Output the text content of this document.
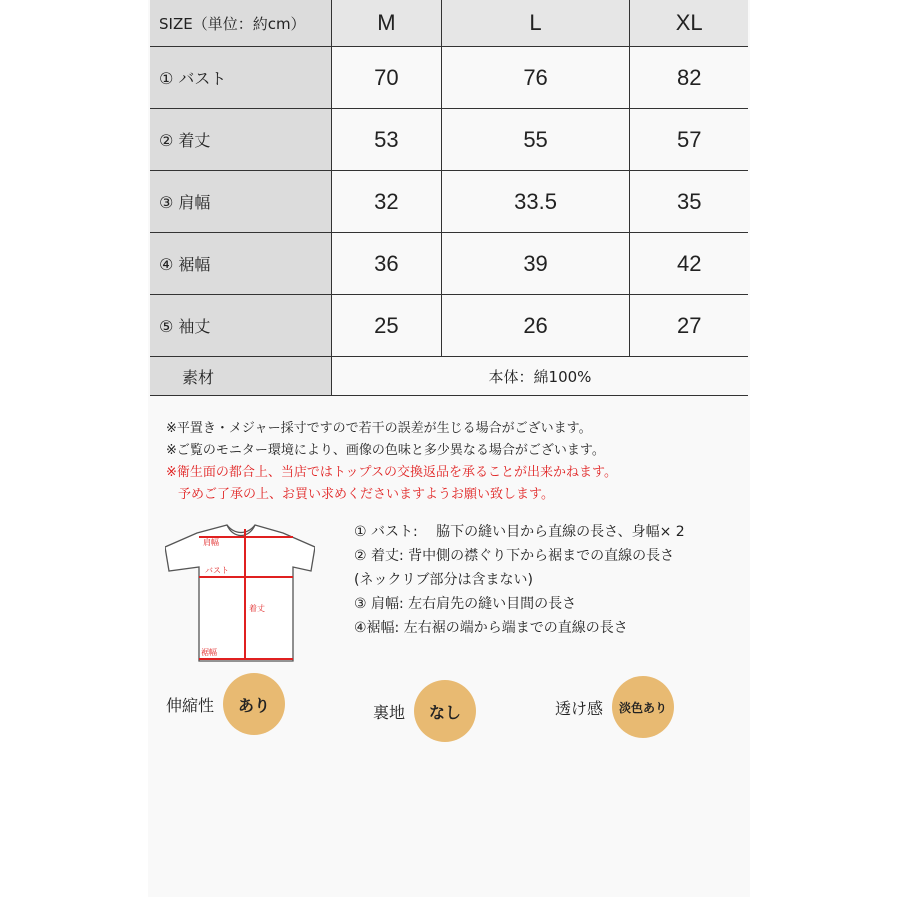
SIZE（単位：約cm）	M	L	XL
① バスト	70	76	82
② 着丈	53	55	57
③ 肩幅	32	33.5	35
④ 裾幅	36	39	42
⑤ 袖丈	25	26	27
素材	本体：綿100%		
※平置き・メジャー採寸ですので若干の誤差が生じる場合がございます。
※ご覧のモニター環境により、画像の色味と多少異なる場合がございます。
※衛生面の都合上、当店ではトップスの交換返品を承ることが出来かねます。
予めご了承の上、お買い求めくださいますようお願い致します。
肩幅
バスト
着丈
裾幅
① バスト:　 脇下の縫い目から直線の長さ、身幅× 2
② 着丈: 背中側の襟ぐり下から裾までの直線の長さ
(ネックリブ部分は含まない)
③ 肩幅: 左右肩先の縫い目間の長さ
④裾幅: 左右裾の端から端までの直線の長さ
伸縮性	あり	裏地	なし	透け感	淡色あり
